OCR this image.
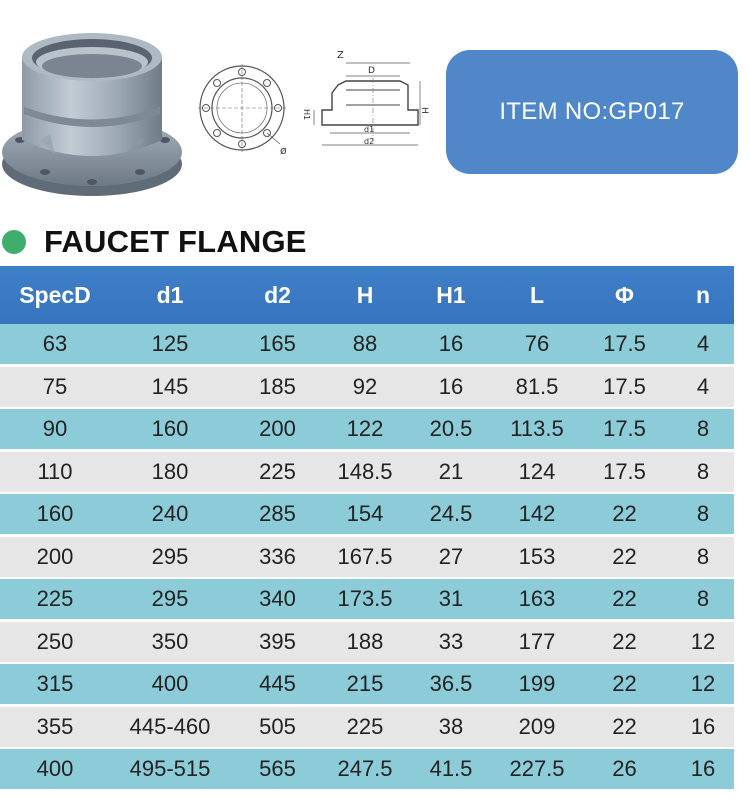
ø
Z
D
H
H1
d1
d2
ITEM NO:GP017
FAUCET FLANGE
SpecD	d1	d2	H	H1	L	Φ	n
63	125	165	88	16	76	17.5	4
75	145	185	92	16	81.5	17.5	4
90	160	200	122	20.5	113.5	17.5	8
110	180	225	148.5	21	124	17.5	8
160	240	285	154	24.5	142	22	8
200	295	336	167.5	27	153	22	8
225	295	340	173.5	31	163	22	8
250	350	395	188	33	177	22	12
315	400	445	215	36.5	199	22	12
355	445-460	505	225	38	209	22	16
400	495-515	565	247.5	41.5	227.5	26	16
